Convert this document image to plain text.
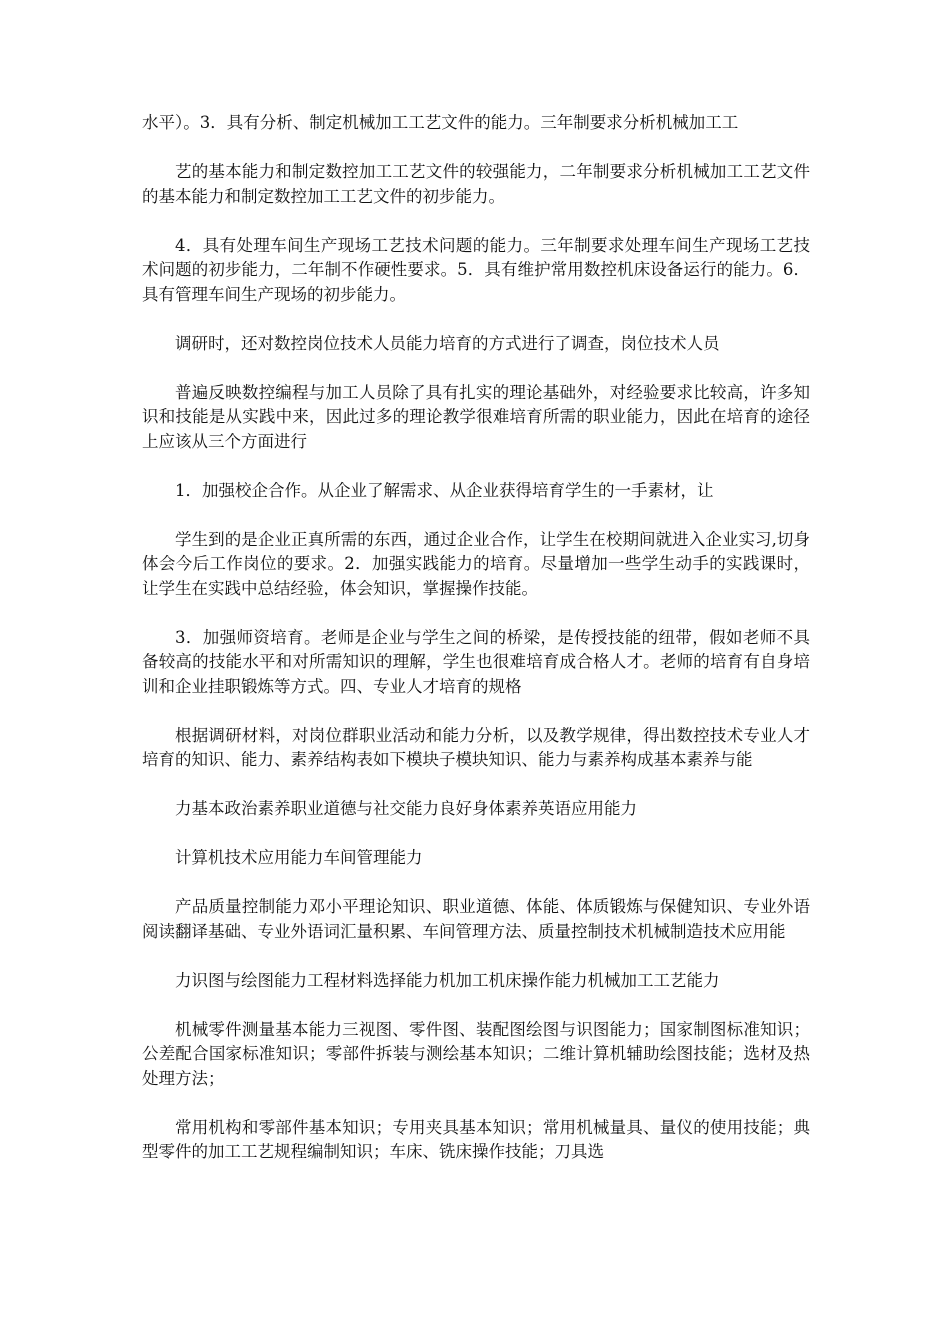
水平）。3．具有分析、制定机械加工工艺文件的能力。三年制要求分析机械加工工

艺的基本能力和制定数控加工工艺文件的较强能力，二年制要求分析机械加工工艺文件的基本能力和制定数控加工工艺文件的初步能力。

4．具有处理车间生产现场工艺技术问题的能力。三年制要求处理车间生产现场工艺技术问题的初步能力，二年制不作硬性要求。5．具有维护常用数控机床设备运行的能力。6．具有管理车间生产现场的初步能力。

调研时，还对数控岗位技术人员能力培育的方式进行了调查，岗位技术人员

普遍反映数控编程与加工人员除了具有扎实的理论基础外，对经验要求比较高，许多知识和技能是从实践中来，因此过多的理论教学很难培育所需的职业能力，因此在培育的途径上应该从三个方面进行

1．加强校企合作。从企业了解需求、从企业获得培育学生的一手素材，让

学生到的是企业正真所需的东西，通过企业合作，让学生在校期间就进入企业实习,切身体会今后工作岗位的要求。2．加强实践能力的培育。尽量增加一些学生动手的实践课时，让学生在实践中总结经验，体会知识，掌握操作技能。

3．加强师资培育。老师是企业与学生之间的桥梁，是传授技能的纽带，假如老师不具备较高的技能水平和对所需知识的理解，学生也很难培育成合格人才。老师的培育有自身培训和企业挂职锻炼等方式。四、专业人才培育的规格

根据调研材料，对岗位群职业活动和能力分析，以及教学规律，得出数控技术专业人才培育的知识、能力、素养结构表如下模块子模块知识、能力与素养构成基本素养与能

力基本政治素养职业道德与社交能力良好身体素养英语应用能力

计算机技术应用能力车间管理能力

产品质量控制能力邓小平理论知识、职业道德、体能、体质锻炼与保健知识、专业外语阅读翻译基础、专业外语词汇量积累、车间管理方法、质量控制技术机械制造技术应用能

力识图与绘图能力工程材料选择能力机加工机床操作能力机械加工工艺能力

机械零件测量基本能力三视图、零件图、装配图绘图与识图能力；国家制图标准知识；公差配合国家标准知识；零部件拆装与测绘基本知识；二维计算机辅助绘图技能；选材及热处理方法；

常用机构和零部件基本知识；专用夹具基本知识；常用机械量具、量仪的使用技能；典型零件的加工工艺规程编制知识；车床、铣床操作技能；刀具选
